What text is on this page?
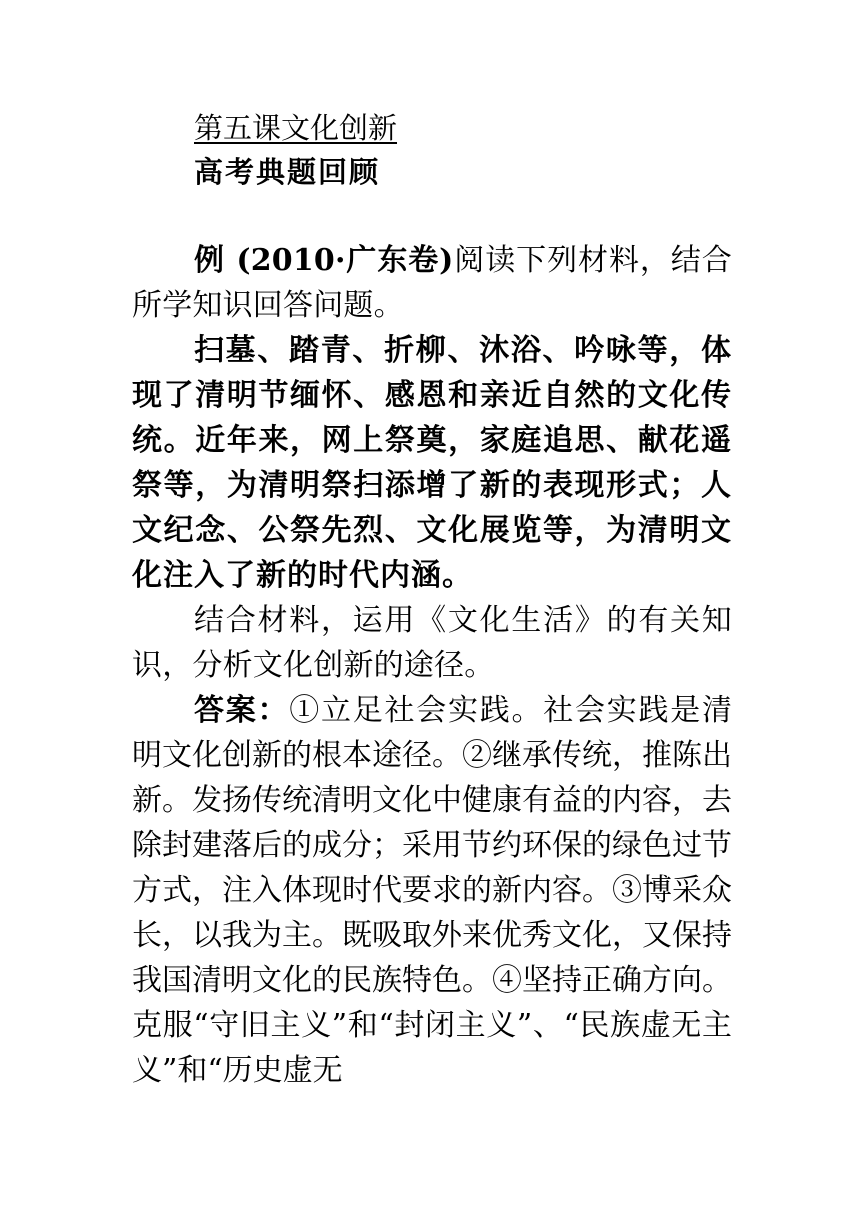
第五课文化创新
高考典题回顾

例 (2010·广东卷)阅读下列材料，结合所学知识回答问题。

扫墓、踏青、折柳、沐浴、吟咏等，体现了清明节缅怀、感恩和亲近自然的文化传统。近年来，网上祭奠，家庭追思、献花遥祭等，为清明祭扫添增了新的表现形式；人文纪念、公祭先烈、文化展览等，为清明文化注入了新的时代内涵。

结合材料，运用《文化生活》的有关知识，分析文化创新的途径。

答案：①立足社会实践。社会实践是清明文化创新的根本途径。②继承传统，推陈出新。发扬传统清明文化中健康有益的内容，去除封建落后的成分；采用节约环保的绿色过节方式，注入体现时代要求的新内容。③博采众长，以我为主。既吸取外来优秀文化，又保持我国清明文化的民族特色。④坚持正确方向。克服“守旧主义”和“封闭主义”、“民族虚无主义”和“历史虚无
